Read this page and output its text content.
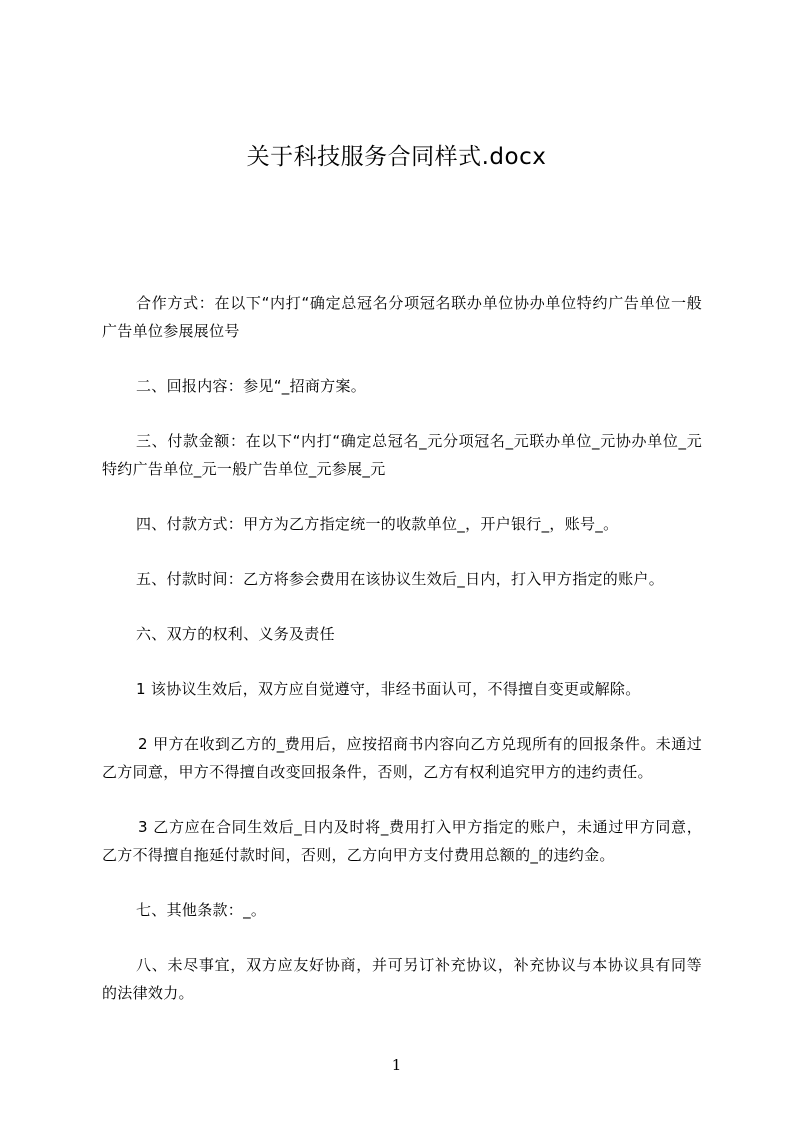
关于科技服务合同样式.docx

合作方式：在以下“内打“确定总冠名分项冠名联办单位协办单位特约广告单位一般广告单位参展展位号

二、回报内容：参见“_招商方案。

三、付款金额：在以下“内打“确定总冠名_元分项冠名_元联办单位_元协办单位_元特约广告单位_元一般广告单位_元参展_元

四、付款方式：甲方为乙方指定统一的收款单位_，开户银行_，账号_。

五、付款时间：乙方将参会费用在该协议生效后_日内，打入甲方指定的账户。

六、双方的权利、义务及责任

1 该协议生效后，双方应自觉遵守，非经书面认可，不得擅自变更或解除。

2 甲方在收到乙方的_费用后，应按招商书内容向乙方兑现所有的回报条件。未通过乙方同意，甲方不得擅自改变回报条件，否则，乙方有权利追究甲方的违约责任。

3 乙方应在合同生效后_日内及时将_费用打入甲方指定的账户，未通过甲方同意，乙方不得擅自拖延付款时间，否则，乙方向甲方支付费用总额的_的违约金。

七、其他条款：_。

八、未尽事宜，双方应友好协商，并可另订补充协议，补充协议与本协议具有同等的法律效力。

1
